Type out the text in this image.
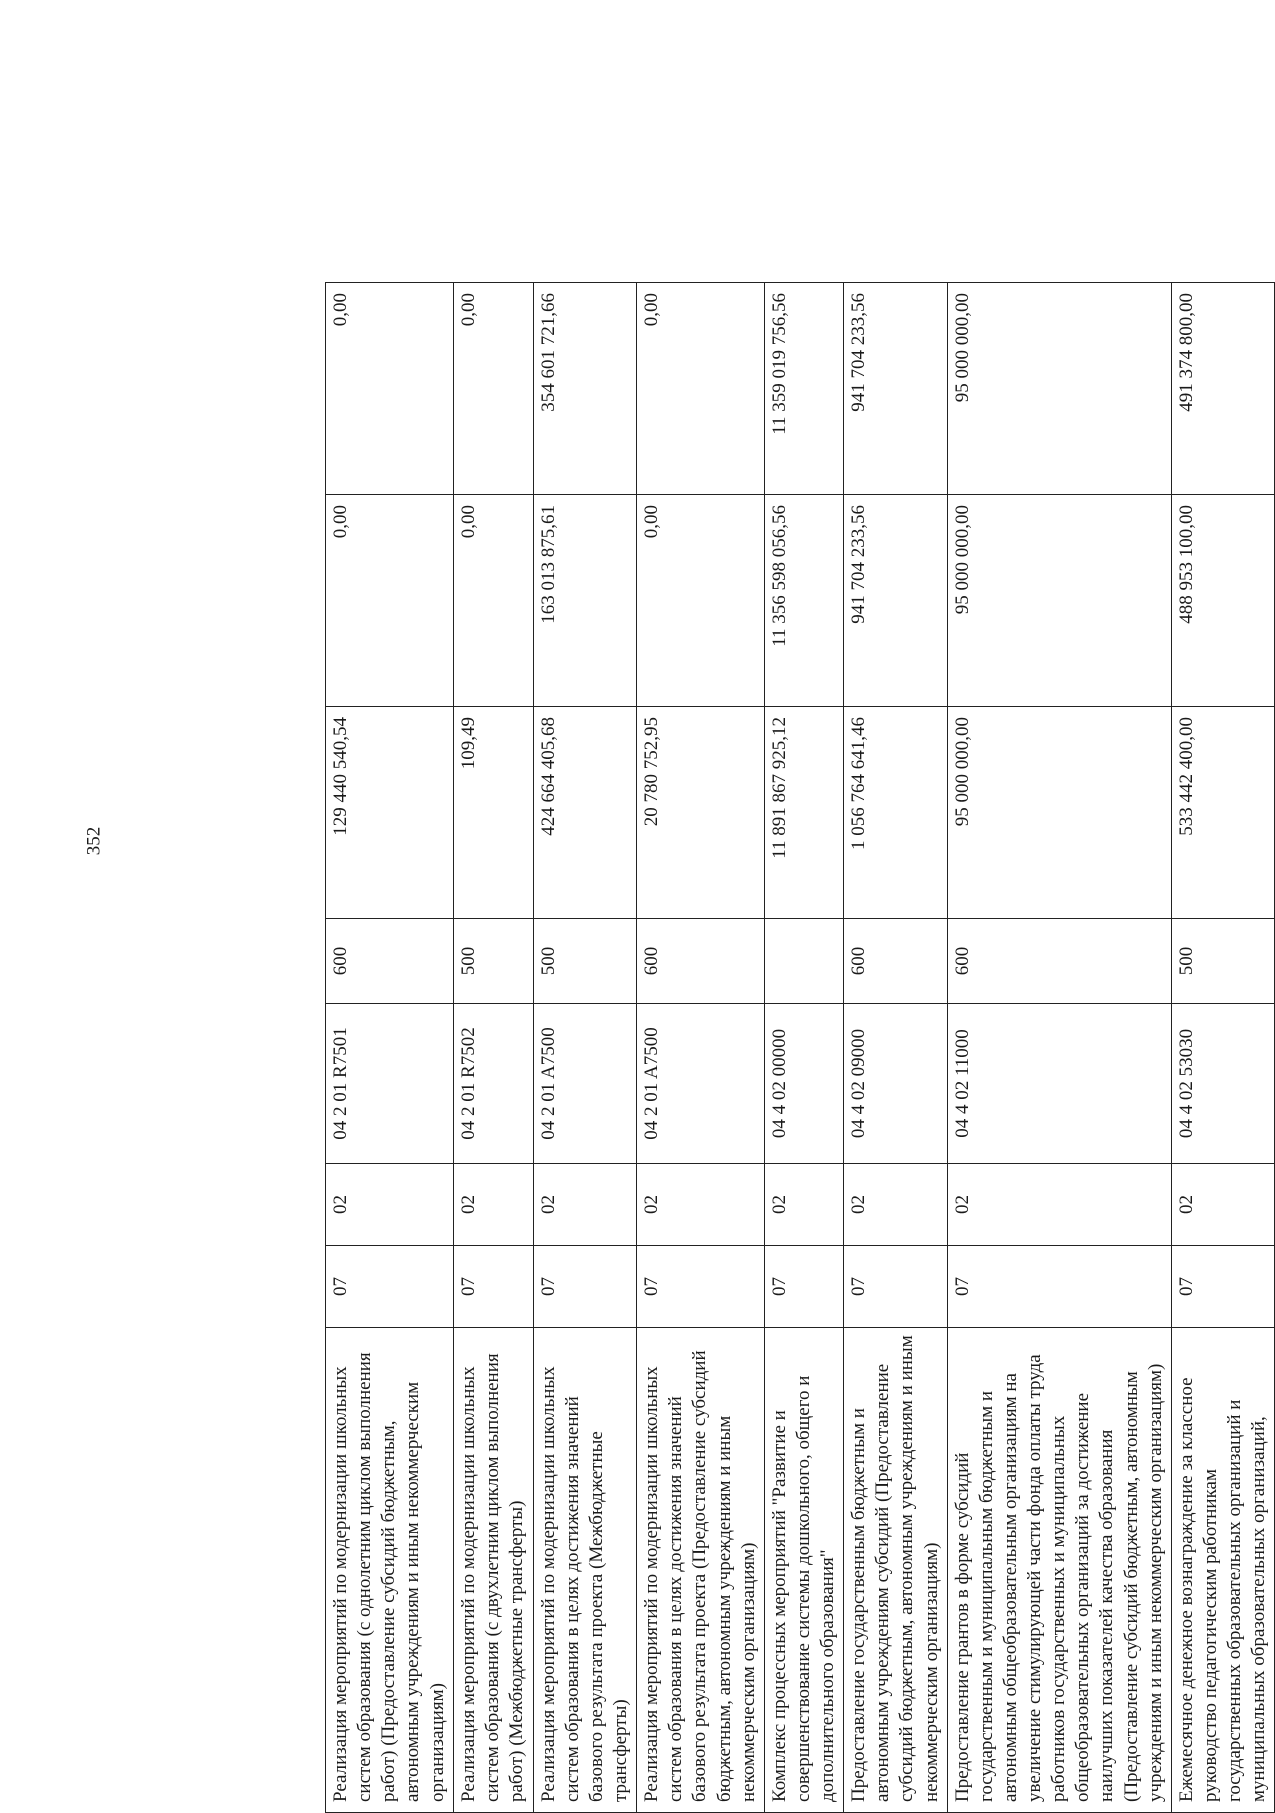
352
Реализация мероприятий по модернизации школьных систем образования (с однолетним циклом выполнения работ) (Предоставление субсидий бюджетным, автономным учреждениям и иным некоммерческим организациям)	07	02	04 2 01 R7501	600	129 440 540,54	0,00	0,00
Реализация мероприятий по модернизации школьных систем образования (с двухлетним циклом выполнения работ) (Межбюджетные трансферты)	07	02	04 2 01 R7502	500	109,49	0,00	0,00
Реализация мероприятий по модернизации школьных систем образования в целях достижения значений базового результата проекта (Межбюджетные трансферты)	07	02	04 2 01 A7500	500	424 664 405,68	163 013 875,61	354 601 721,66
Реализация мероприятий по модернизации школьных систем образования в целях достижения значений базового результата проекта (Предоставление субсидий бюджетным, автономным учреждениям и иным некоммерческим организациям)	07	02	04 2 01 A7500	600	20 780 752,95	0,00	0,00
Комплекс процессных мероприятий "Развитие и совершенствование системы дошкольного, общего и дополнительного образования"	07	02	04 4 02 00000		11 891 867 925,12	11 356 598 056,56	11 359 019 756,56
Предоставление государственным бюджетным и автономным учреждениям субсидий (Предоставление субсидий бюджетным, автономным учреждениям и иным некоммерческим организациям)	07	02	04 4 02 09000	600	1 056 764 641,46	941 704 233,56	941 704 233,56
Предоставление грантов в форме субсидий государственным и муниципальным бюджетным и автономным общеобразовательным организациям на увеличение стимулирующей части фонда оплаты труда работников государственных и муниципальных общеобразовательных организаций за достижение наилучших показателей качества образования (Предоставление субсидий бюджетным, автономным учреждениям и иным некоммерческим организациям)	07	02	04 4 02 11000	600	95 000 000,00	95 000 000,00	95 000 000,00
Ежемесячное денежное вознаграждение за классное руководство педагогическим работникам государственных образовательных организаций и муниципальных образовательных организаций,	07	02	04 4 02 53030	500	533 442 400,00	488 953 100,00	491 374 800,00
